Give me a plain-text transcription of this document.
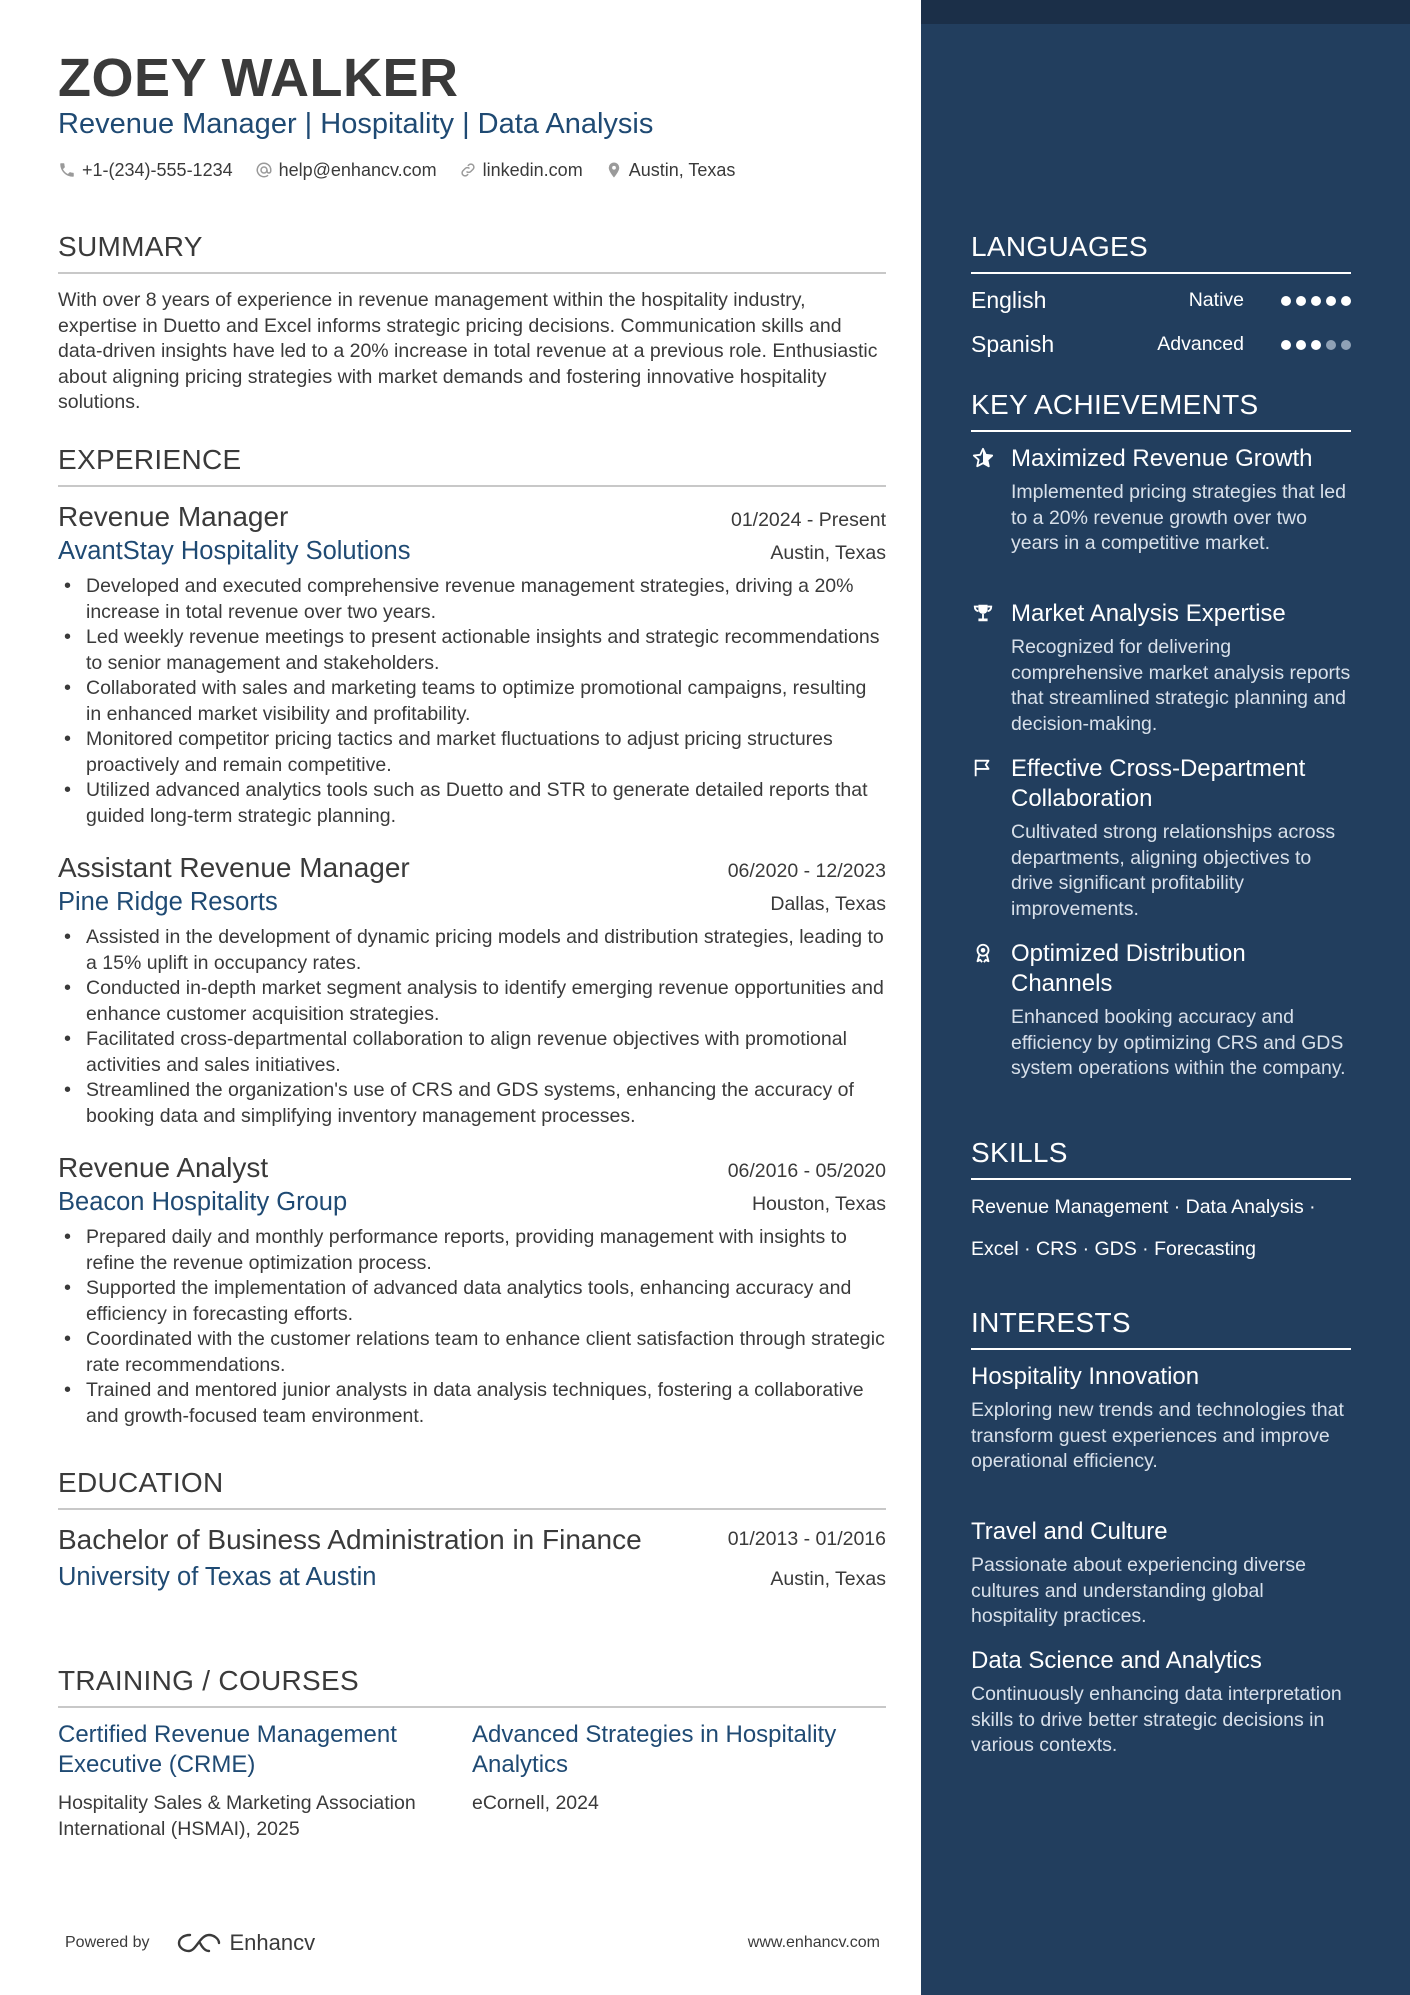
ZOEY WALKER
Revenue Manager | Hospitality | Data Analysis
+1-(234)-555-1234	help@enhancv.com	linkedin.com	Austin, Texas
SUMMARY
With over 8 years of experience in revenue management within the hospitality industry, expertise in Duetto and Excel informs strategic pricing decisions. Communication skills and data-driven insights have led to a 20% increase in total revenue at a previous role. Enthusiastic about aligning pricing strategies with market demands and fostering innovative hospitality solutions.
EXPERIENCE
Revenue Manager	01/2024 - Present
AvantStay Hospitality Solutions	Austin, Texas
• Developed and executed comprehensive revenue management strategies, driving a 20% increase in total revenue over two years.
• Led weekly revenue meetings to present actionable insights and strategic recommendations to senior management and stakeholders.
• Collaborated with sales and marketing teams to optimize promotional campaigns, resulting in enhanced market visibility and profitability.
• Monitored competitor pricing tactics and market fluctuations to adjust pricing structures proactively and remain competitive.
• Utilized advanced analytics tools such as Duetto and STR to generate detailed reports that guided long-term strategic planning.
Assistant Revenue Manager	06/2020 - 12/2023
Pine Ridge Resorts	Dallas, Texas
• Assisted in the development of dynamic pricing models and distribution strategies, leading to a 15% uplift in occupancy rates.
• Conducted in-depth market segment analysis to identify emerging revenue opportunities and enhance customer acquisition strategies.
• Facilitated cross-departmental collaboration to align revenue objectives with promotional activities and sales initiatives.
• Streamlined the organization's use of CRS and GDS systems, enhancing the accuracy of booking data and simplifying inventory management processes.
Revenue Analyst	06/2016 - 05/2020
Beacon Hospitality Group	Houston, Texas
• Prepared daily and monthly performance reports, providing management with insights to refine the revenue optimization process.
• Supported the implementation of advanced data analytics tools, enhancing accuracy and efficiency in forecasting efforts.
• Coordinated with the customer relations team to enhance client satisfaction through strategic rate recommendations.
• Trained and mentored junior analysts in data analysis techniques, fostering a collaborative and growth-focused team environment.
EDUCATION
Bachelor of Business Administration in Finance	01/2013 - 01/2016
University of Texas at Austin	Austin, Texas
TRAINING / COURSES
Certified Revenue Management Executive (CRME)
Hospitality Sales & Marketing Association International (HSMAI), 2025
Advanced Strategies in Hospitality Analytics
eCornell, 2024
Powered by	Enhancv	www.enhancv.com
LANGUAGES
English	Native
Spanish	Advanced
KEY ACHIEVEMENTS
Maximized Revenue Growth
Implemented pricing strategies that led to a 20% revenue growth over two years in a competitive market.
Market Analysis Expertise
Recognized for delivering comprehensive market analysis reports that streamlined strategic planning and decision-making.
Effective Cross-Department Collaboration
Cultivated strong relationships across departments, aligning objectives to drive significant profitability improvements.
Optimized Distribution Channels
Enhanced booking accuracy and efficiency by optimizing CRS and GDS system operations within the company.
SKILLS
Revenue Management · Data Analysis ·
Excel · CRS · GDS · Forecasting
INTERESTS
Hospitality Innovation
Exploring new trends and technologies that transform guest experiences and improve operational efficiency.
Travel and Culture
Passionate about experiencing diverse cultures and understanding global hospitality practices.
Data Science and Analytics
Continuously enhancing data interpretation skills to drive better strategic decisions in various contexts.
